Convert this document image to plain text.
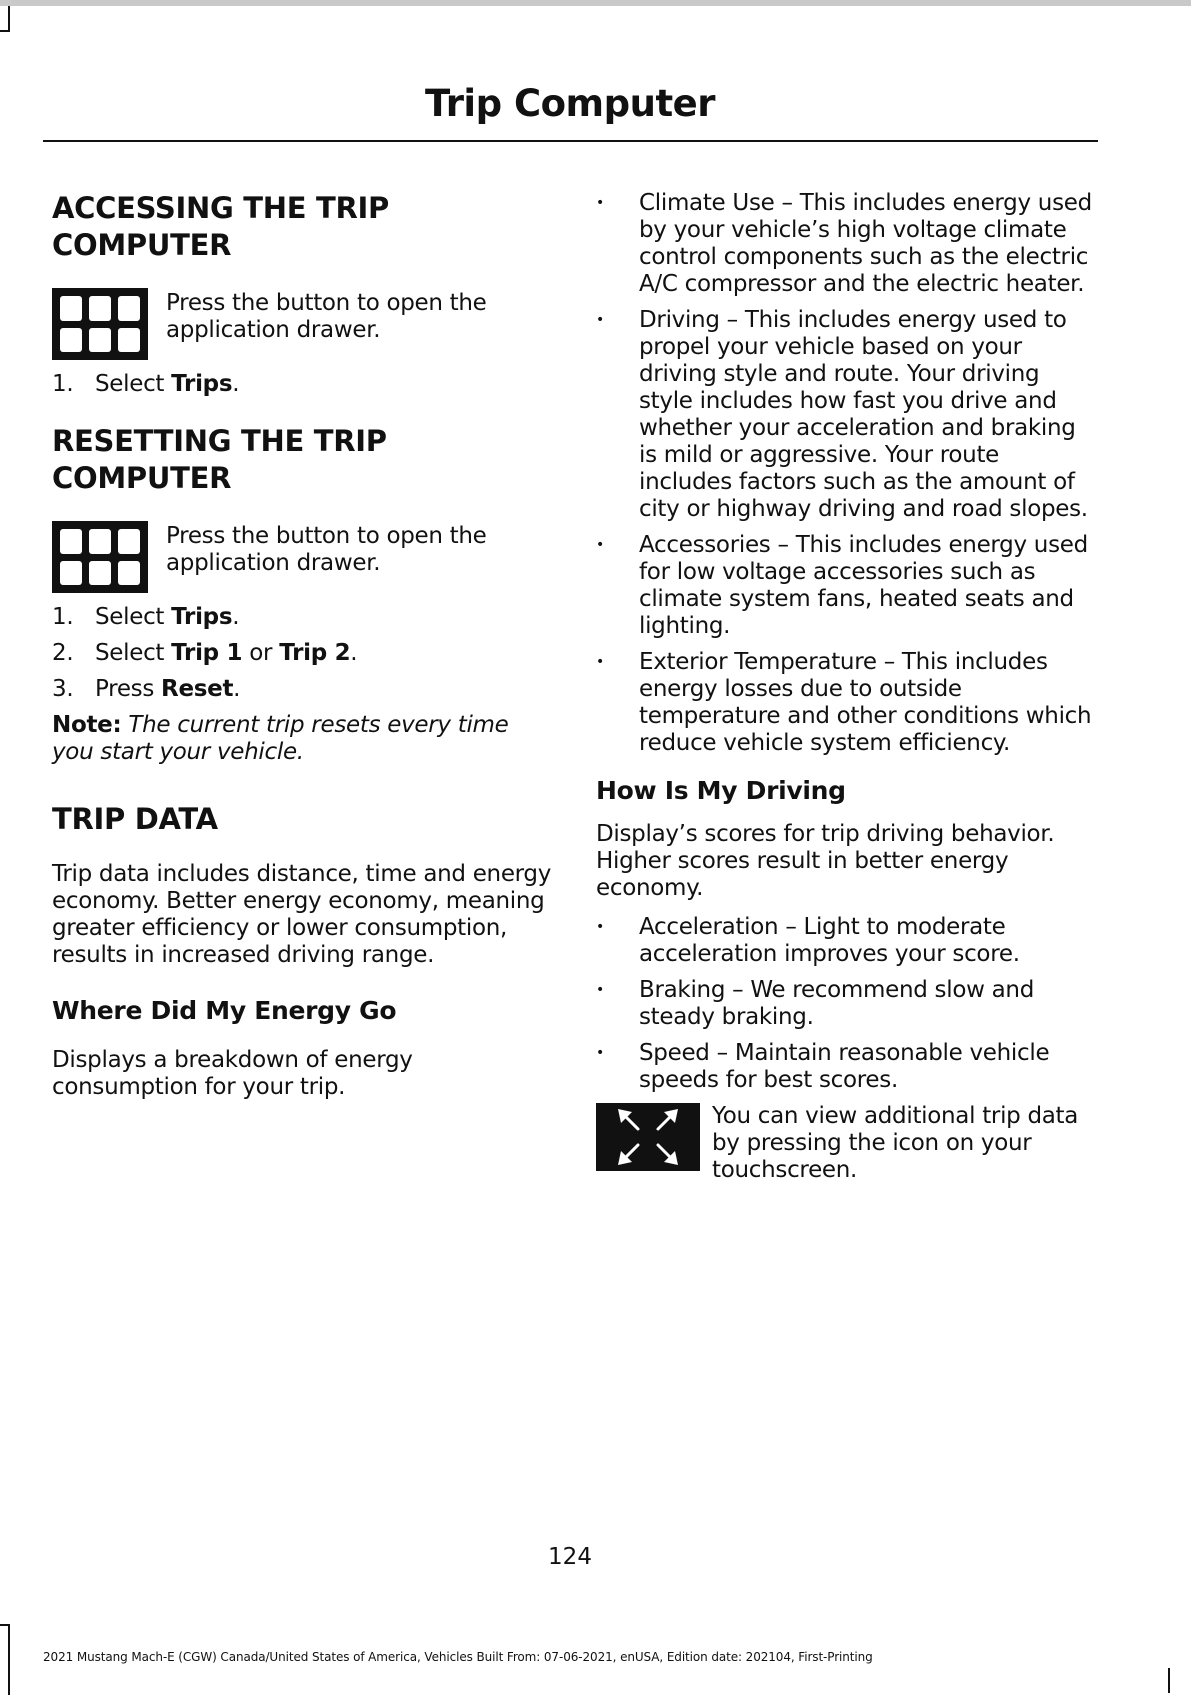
Trip Computer
ACCESSING THE TRIP
COMPUTER
Press the button to open the application drawer.
1. Select Trips.
RESETTING THE TRIP
COMPUTER
Press the button to open the application drawer.
1. Select Trips.
2. Select Trip 1 or Trip 2.
3. Press Reset.

Note: The current trip resets every time you start your vehicle.

TRIP DATA

Trip data includes distance, time and energy economy. Better energy economy, meaning greater efficiency or lower consumption, results in increased driving range.

Where Did My Energy Go

Displays a breakdown of energy consumption for your trip.

•	Climate Use – This includes energy used by your vehicle’s high voltage climate control components such as the electric A/C compressor and the electric heater.
•	Driving – This includes energy used to propel your vehicle based on your driving style and route. Your driving style includes how fast you drive and whether your acceleration and braking is mild or aggressive. Your route includes factors such as the amount of city or highway driving and road slopes.
•	Accessories – This includes energy used for low voltage accessories such as climate system fans, heated seats and lighting.
•	Exterior Temperature – This includes energy losses due to outside temperature and other conditions which reduce vehicle system efficiency.
How Is My Driving

Display’s scores for trip driving behavior. Higher scores result in better energy economy.

•	Acceleration – Light to moderate acceleration improves your score.
•	Braking – We recommend slow and steady braking.
•	Speed – Maintain reasonable vehicle speeds for best scores.
You can view additional trip data by pressing the icon on your touchscreen.
124
2021 Mustang Mach-E (CGW) Canada/United States of America, Vehicles Built From: 07-06-2021, enUSA, Edition date: 202104, First-Printing
